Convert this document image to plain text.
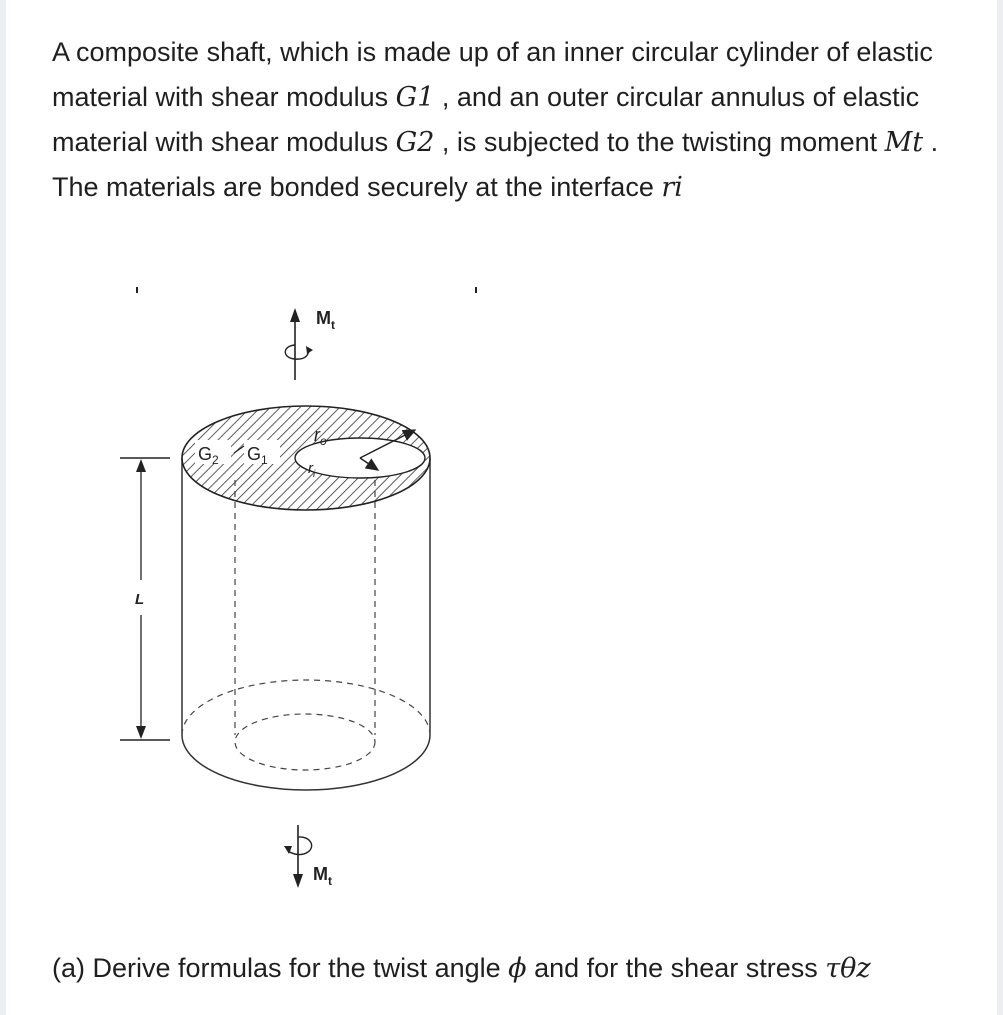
A composite shaft, which is made up of an inner circular cylinder of elastic material with shear modulus G1 , and an outer circular annulus of elastic material with shear modulus G2 , is subjected to the twisting moment Mt . The materials are bonded securely at the interface ri

$M_t$
$G_2$ $G_1$
$r_o$
$r_i$
L
$M_t$

(a) Derive formulas for the twist angle ϕ and for the shear stress τθz
